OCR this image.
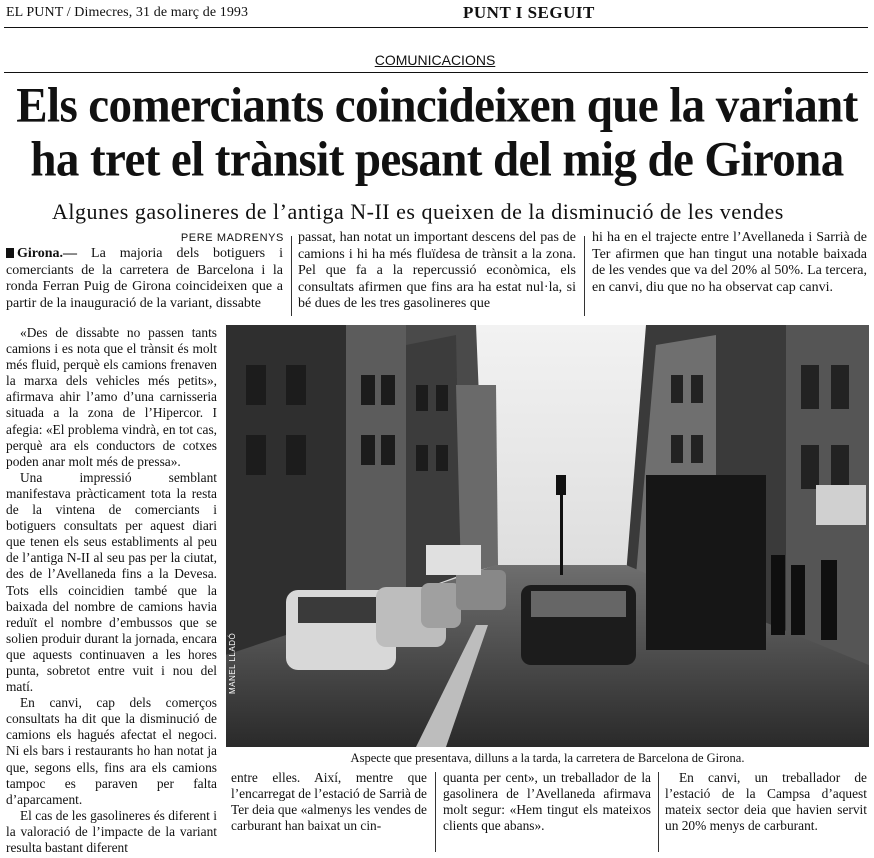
EL PUNT / Dimecres, 31 de març de 1993	PUNT I SEGUIT
COMUNICACIONS
Els comerciants coincideixen que la variant
ha tret el trànsit pesant del mig de Girona
Algunes gasolineres de l’antiga N-II es queixen de la disminució de les vendes
PERE MADRENYS

Girona.— La majoria dels botiguers i comerciants de la carretera de Barcelona i la ronda Ferran Puig de Girona coincideixen que a partir de la inauguració de la variant, dissabte

passat, han notat un important descens del pas de camions i hi ha més fluïdesa de trànsit a la zona. Pel que fa a la repercussió econòmica, els consultats afirmen que fins ara ha estat nul·la, si bé dues de les tres gasolineres que

hi ha en el trajecte entre l’Avellaneda i Sarrià de Ter afirmen que han tingut una notable baixada de les vendes que va del 20% al 50%. La tercera, en canvi, diu que no ha observat cap canvi.

«Des de dissabte no passen tants camions i es nota que el trànsit és molt més fluid, perquè els camions frenaven la marxa dels vehicles més petits», afirmava ahir l’amo d’una carnisseria situada a la zona de l’Hipercor. I afegia: «El problema vindrà, en tot cas, perquè ara els conductors de cotxes poden anar molt més de pressa».

Una impressió semblant manifestava pràcticament tota la resta de la vintena de comerciants i botiguers consultats per aquest diari que tenen els seus establiments al peu de l’antiga N-II al seu pas per la ciutat, des de l’Avellaneda fins a la Devesa. Tots ells coincidien també que la baixada del nombre de camions havia reduït el nombre d’embussos que se solien produir durant la jornada, encara que aquests continuaven a les hores punta, sobretot entre vuit i nou del matí.

En canvi, cap dels comerços consultats ha dit que la disminució de camions els hagués afectat el negoci. Ni els bars i restaurants ho han notat ja que, segons ells, fins ara els camions tampoc es paraven per falta d’aparcament.

El cas de les gasolineres és diferent i la valoració de l’impacte de la variant resulta bastant diferent

MANEL LLADÓ
Aspecte que presentava, dilluns a la tarda, la carretera de Barcelona de Girona.

entre elles. Així, mentre que l’encarregat de l’estació de Sarrià de Ter deia que «almenys les vendes de carburant han baixat un cin-

quanta per cent», un treballador de la gasolinera de l’Avellaneda afirmava molt segur: «Hem tingut els mateixos clients que abans».

En canvi, un treballador de l’estació de la Campsa d’aquest mateix sector deia que havien servit un 20% menys de carburant.
